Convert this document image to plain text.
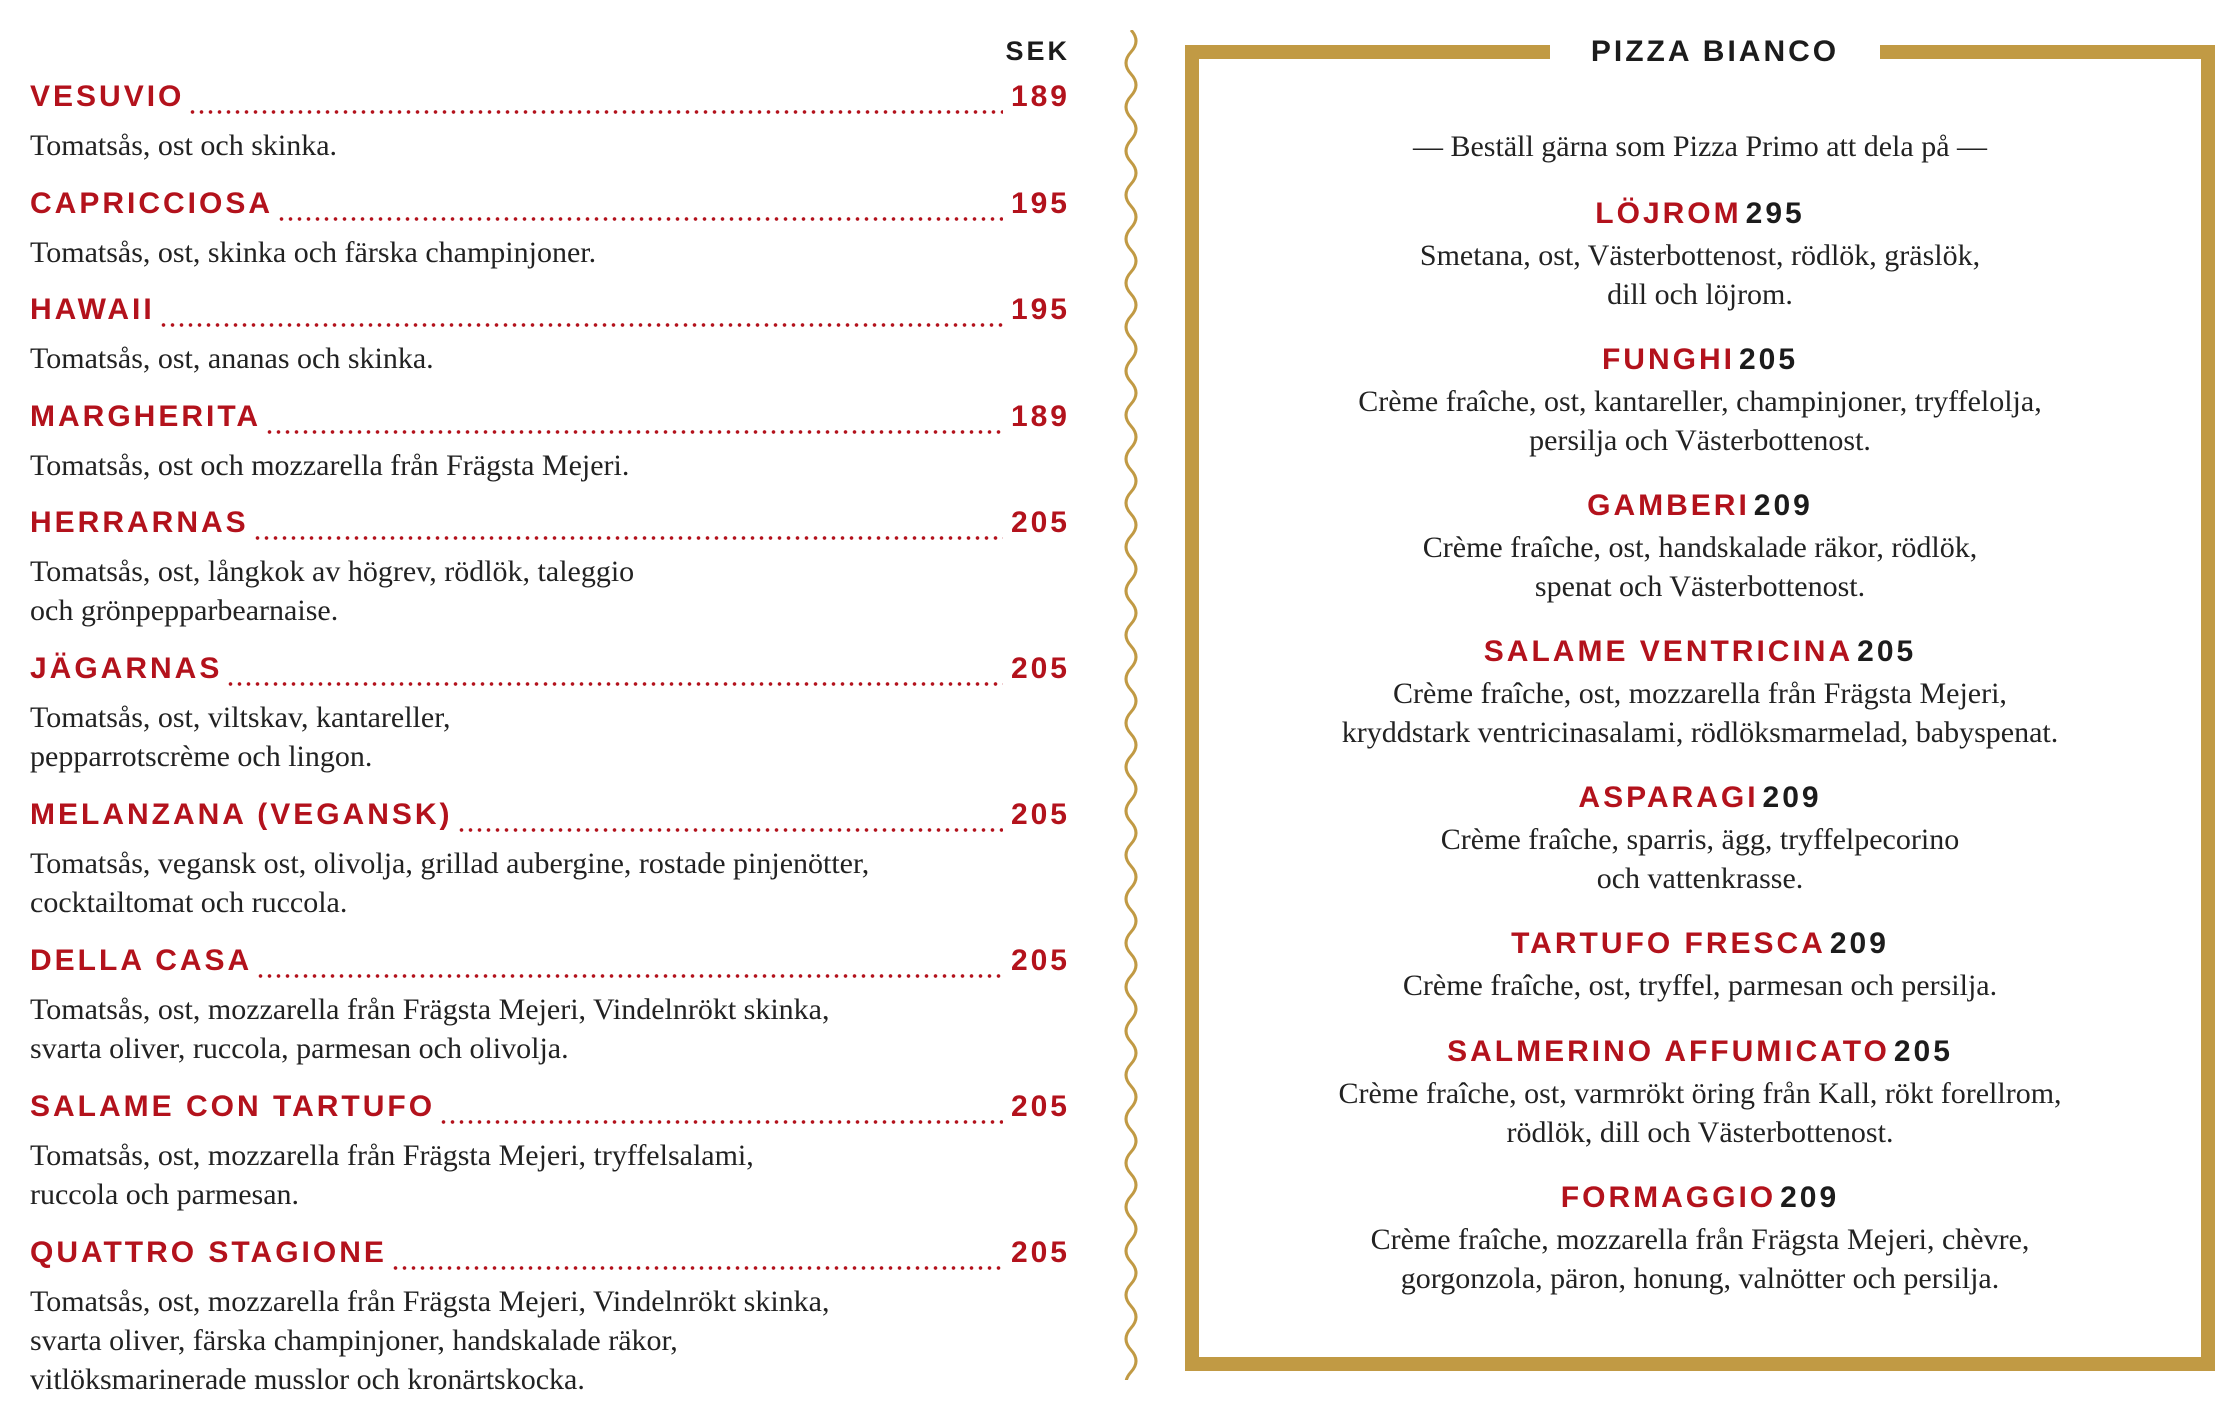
SEK
VESUVIO	189
Tomatsås, ost och skinka.
CAPRICCIOSA	195
Tomatsås, ost, skinka och färska champinjoner.
HAWAII	195
Tomatsås, ost, ananas och skinka.
MARGHERITA	189
Tomatsås, ost och mozzarella från Frägsta Mejeri.
HERRARNAS	205
Tomatsås, ost, långkok av högrev, rödlök, taleggio
och grönpepparbearnaise.
JÄGARNAS	205
Tomatsås, ost, viltskav, kantareller,
pepparrotscrème och lingon.
MELANZANA (VEGANSK)	205
Tomatsås, vegansk ost, olivolja, grillad aubergine, rostade pinjenötter,
cocktailtomat och ruccola.
DELLA CASA	205
Tomatsås, ost, mozzarella från Frägsta Mejeri, Vindelnrökt skinka,
svarta oliver, ruccola, parmesan och olivolja.
SALAME CON TARTUFO	205
Tomatsås, ost, mozzarella från Frägsta Mejeri, tryffelsalami,
ruccola och parmesan.
QUATTRO STAGIONE	205
Tomatsås, ost, mozzarella från Frägsta Mejeri, Vindelnrökt skinka,
svarta oliver, färska champinjoner, handskalade räkor,
vitlöksmarinerade musslor och kronärtskocka.
PIZZA BIANCO
— Beställ gärna som Pizza Primo att dela på —
LÖJROM 295
Smetana, ost, Västerbottenost, rödlök, gräslök,
dill och löjrom.
FUNGHI 205
Crème fraîche, ost, kantareller, champinjoner, tryffelolja,
persilja och Västerbottenost.
GAMBERI 209
Crème fraîche, ost, handskalade räkor, rödlök,
spenat och Västerbottenost.
SALAME VENTRICINA 205
Crème fraîche, ost, mozzarella från Frägsta Mejeri,
kryddstark ventricinasalami, rödlöksmarmelad, babyspenat.
ASPARAGI 209
Crème fraîche, sparris, ägg, tryffelpecorino
och vattenkrasse.
TARTUFO FRESCA 209
Crème fraîche, ost, tryffel, parmesan och persilja.
SALMERINO AFFUMICATO 205
Crème fraîche, ost, varmrökt öring från Kall, rökt forellrom,
rödlök, dill och Västerbottenost.
FORMAGGIO 209
Crème fraîche, mozzarella från Frägsta Mejeri, chèvre,
gorgonzola, päron, honung, valnötter och persilja.
